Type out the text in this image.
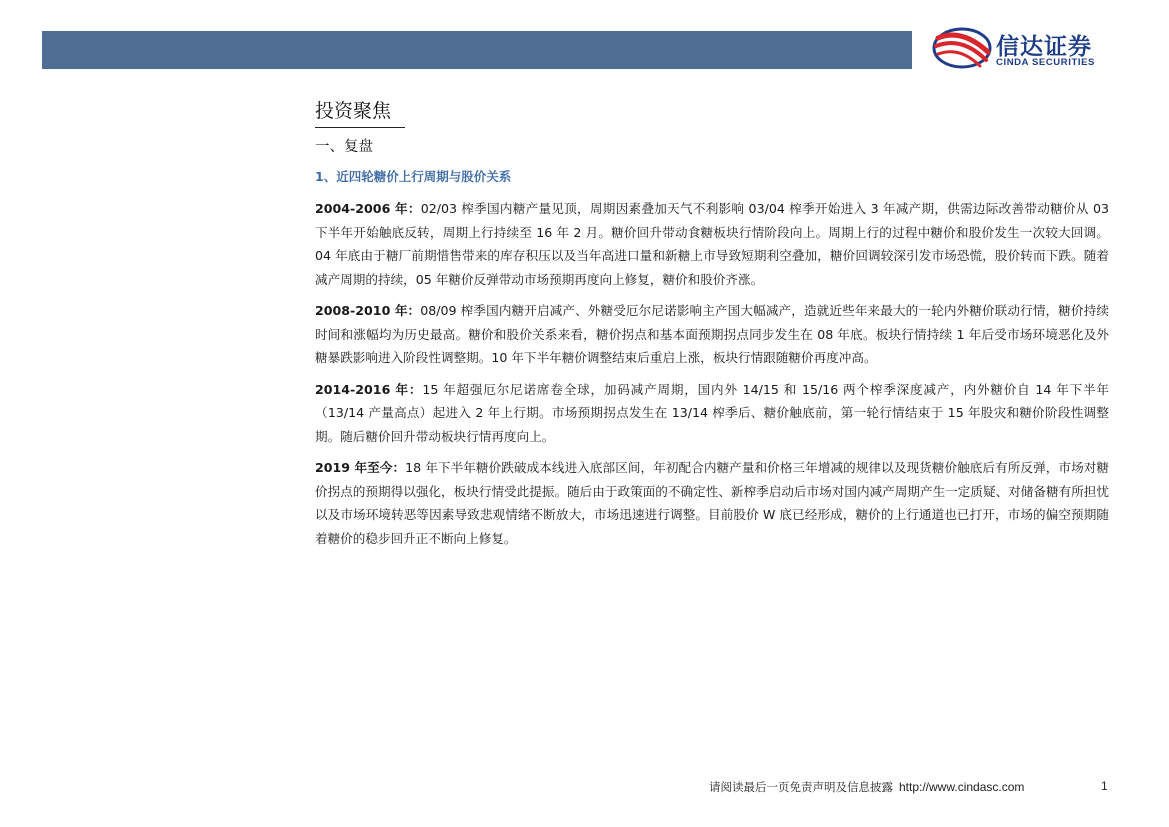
信达证券
CINDA SECURITIES
投资聚焦
一、复盘
1、近四轮糖价上行周期与股价关系

2004-2006 年：02/03 榨季国内糖产量见顶，周期因素叠加天气不利影响 03/04 榨季开始进入 3 年减产期，供需边际改善带动糖价从 03 下半年开始触底反转，周期上行持续至 16 年 2 月。糖价回升带动食糖板块行情阶段向上。周期上行的过程中糖价和股价发生一次较大回调。04 年底由于糖厂前期惜售带来的库存积压以及当年高进口量和新糖上市导致短期利空叠加，糖价回调较深引发市场恐慌，股价转而下跌。随着减产周期的持续，05 年糖价反弹带动市场预期再度向上修复，糖价和股价齐涨。

2008-2010 年：08/09 榨季国内糖开启减产、外糖受厄尔尼诺影响主产国大幅减产，造就近些年来最大的一轮内外糖价联动行情，糖价持续时间和涨幅均为历史最高。糖价和股价关系来看，糖价拐点和基本面预期拐点同步发生在 08 年底。板块行情持续 1 年后受市场环境恶化及外糖暴跌影响进入阶段性调整期。10 年下半年糖价调整结束后重启上涨，板块行情跟随糖价再度冲高。

2014-2016 年：15 年超强厄尔尼诺席卷全球，加码减产周期，国内外 14/15 和 15/16 两个榨季深度减产，内外糖价自 14 年下半年（13/14 产量高点）起进入 2 年上行期。市场预期拐点发生在 13/14 榨季后、糖价触底前，第一轮行情结束于 15 年股灾和糖价阶段性调整期。随后糖价回升带动板块行情再度向上。

2019 年至今：18 年下半年糖价跌破成本线进入底部区间，年初配合内糖产量和价格三年增减的规律以及现货糖价触底后有所反弹，市场对糖价拐点的预期得以强化，板块行情受此提振。随后由于政策面的不确定性、新榨季启动后市场对国内减产周期产生一定质疑、对储备糖有所担忧以及市场环境转恶等因素导致悲观情绪不断放大，市场迅速进行调整。目前股价 W 底已经形成，糖价的上行通道也已打开，市场的偏空预期随着糖价的稳步回升正不断向上修复。

请阅读最后一页免责声明及信息披露 http://www.cindasc.com	1
